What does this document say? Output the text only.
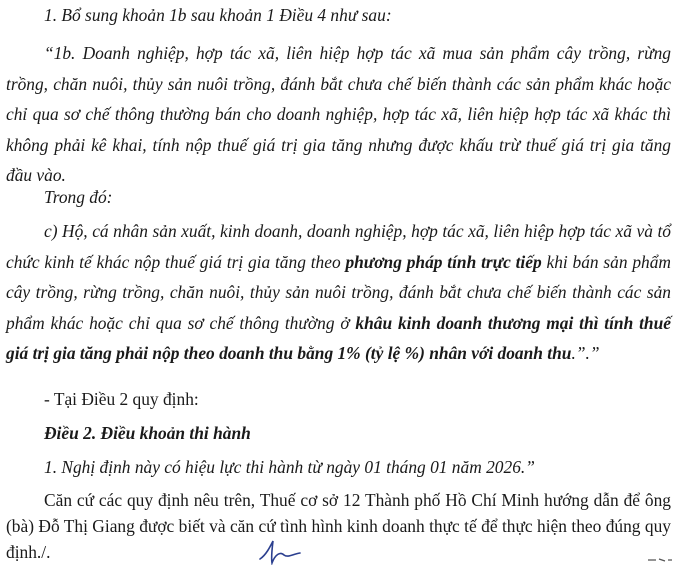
1. Bổ sung khoản 1b sau khoản 1 Điều 4 như sau:

“1b. Doanh nghiệp, hợp tác xã, liên hiệp hợp tác xã mua sản phẩm cây trồng, rừng trồng, chăn nuôi, thủy sản nuôi trồng, đánh bắt chưa chế biến thành các sản phẩm khác hoặc chỉ qua sơ chế thông thường bán cho doanh nghiệp, hợp tác xã, liên hiệp hợp tác xã khác thì không phải kê khai, tính nộp thuế giá trị gia tăng nhưng được khấu trừ thuế giá trị gia tăng đầu vào.

Trong đó:

c) Hộ, cá nhân sản xuất, kinh doanh, doanh nghiệp, hợp tác xã, liên hiệp hợp tác xã và tổ chức kinh tế khác nộp thuế giá trị gia tăng theo phương pháp tính trực tiếp khi bán sản phẩm cây trồng, rừng trồng, chăn nuôi, thủy sản nuôi trồng, đánh bắt chưa chế biến thành các sản phẩm khác hoặc chỉ qua sơ chế thông thường ở khâu kinh doanh thương mại thì tính thuế giá trị gia tăng phải nộp theo doanh thu bằng 1% (tỷ lệ %) nhân với doanh thu.”.”

- Tại Điều 2 quy định:

Điều 2. Điều khoản thi hành

1. Nghị định này có hiệu lực thi hành từ ngày 01 tháng 01 năm 2026.”

Căn cứ các quy định nêu trên, Thuế cơ sở 12 Thành phố Hồ Chí Minh hướng dẫn để ông (bà) Đỗ Thị Giang được biết và căn cứ tình hình kinh doanh thực tế để thực hiện theo đúng quy định./.
